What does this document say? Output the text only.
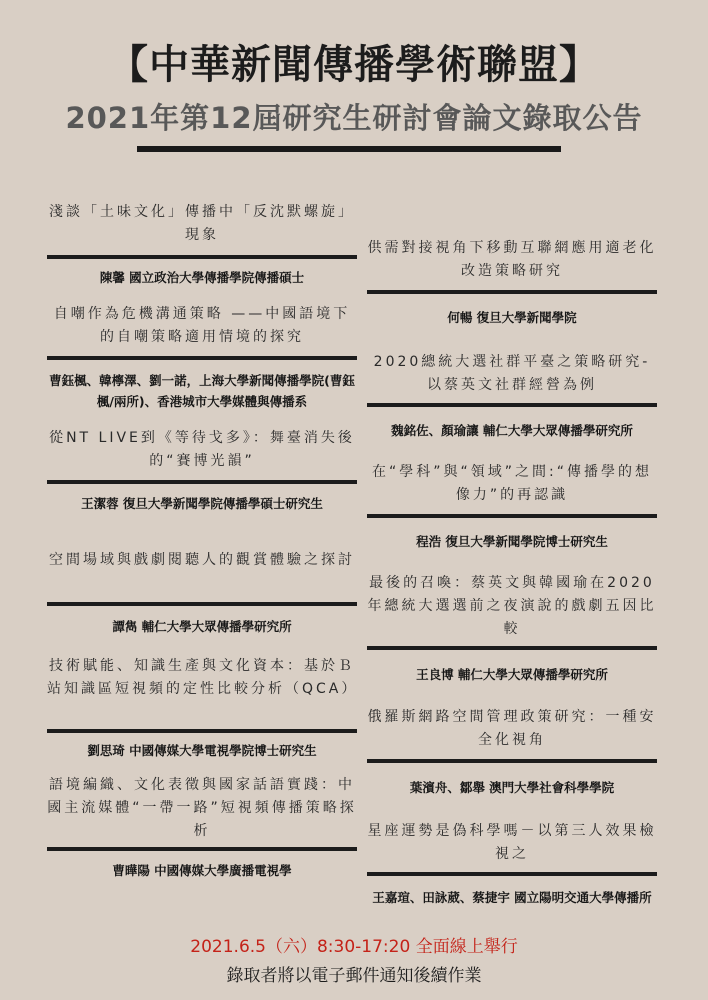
【中華新聞傳播學術聯盟】
2021年第12屆研究生研討會論文錄取公告
淺談「土味文化」傳播中「反沈默螺旋」現象
陳馨 國立政治大學傳播學院傳播碩士
自嘲作為危機溝通策略 ——中國語境下的自嘲策略適用情境的探究
曹鈺楓、韓檸澤、劉一諾，上海大學新聞傳播學院(曹鈺楓/兩所)、香港城市大學媒體與傳播系
從NT LIVE到《等待戈多》：舞臺消失後的“賽博光韻”
王潔蓉 復旦大學新聞學院傳播學碩士研究生
空間場域與戲劇閱聽人的觀賞體驗之探討
譚雋 輔仁大學大眾傳播學研究所
技術賦能、知識生產與文化資本：基於Ｂ站知識區短視頻的定性比較分析（QCA）
劉思琦 中國傳媒大學電視學院博士研究生
語境編織、文化表徵與國家話語實踐：中國主流媒體“一帶一路”短視頻傳播策略探析
曹曄陽 中國傳媒大學廣播電視學
供需對接視角下移動互聯網應用適老化改造策略研究
何暢 復旦大學新聞學院
2020總統大選社群平臺之策略研究-以蔡英文社群經營為例
魏銘佐、顏瑜讓 輔仁大學大眾傳播學研究所
在“學科”與“領域”之間:“傳播學的想像力”的再認識
程浩 復旦大學新聞學院博士研究生
最後的召喚：蔡英文與韓國瑜在2020年總統大選選前之夜演說的戲劇五因比較
王良博 輔仁大學大眾傳播學研究所
俄羅斯網路空間管理政策研究：一種安全化視角
葉濱舟、鄒舉 澳門大學社會科學學院
星座運勢是偽科學嗎－以第三人效果檢視之
王嘉瑄、田詠葳、蔡捷宇 國立陽明交通大學傳播所
2021.6.5（六）8:30-17:20 全面線上舉行
錄取者將以電子郵件通知後續作業
